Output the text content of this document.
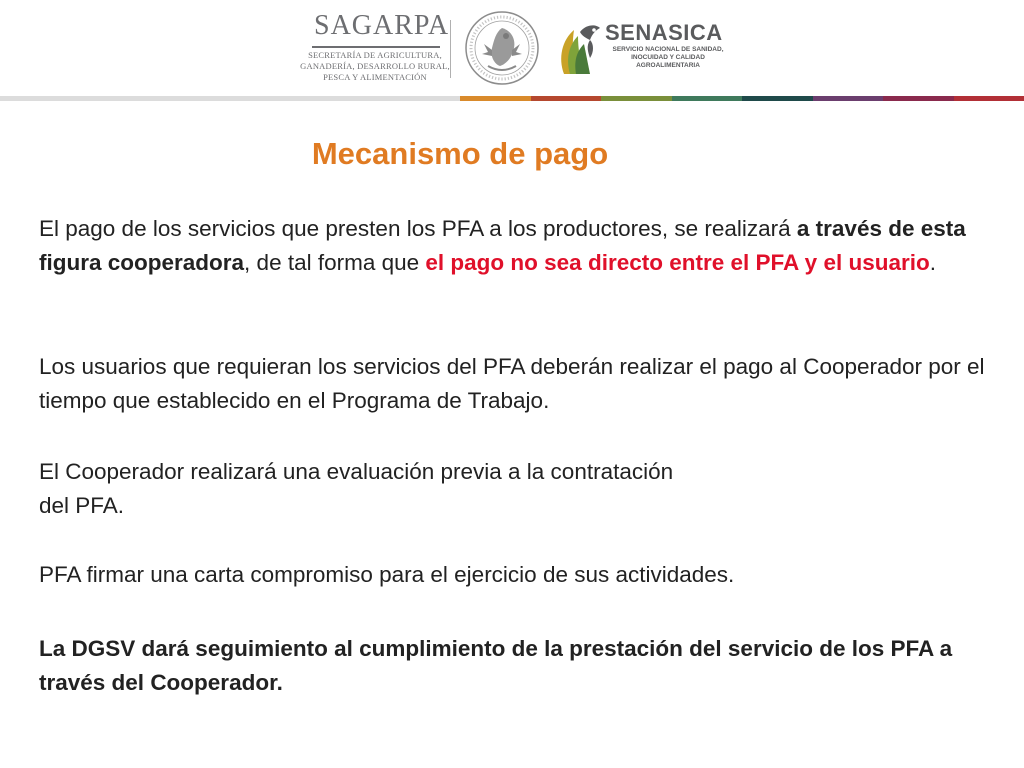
SAGARPA
SECRETARÍA DE AGRICULTURA,
GANADERÍA, DESARROLLO RURAL,
PESCA Y ALIMENTACIÓN
SENASICA
SERVICIO NACIONAL DE SANIDAD,
INOCUIDAD Y CALIDAD
AGROALIMENTARIA
Mecanismo de pago

El pago de los servicios que presten los PFA a los productores, se realizará a través de esta figura cooperadora, de tal forma que el pago no sea directo entre el PFA y el usuario.

Los usuarios que requieran los servicios del PFA deberán realizar el pago al Cooperador por el tiempo que establecido en el Programa de Trabajo.

El Cooperador realizará una evaluación previa a la contratación
del PFA.

PFA firmar una carta compromiso para el ejercicio de sus actividades.

La DGSV dará seguimiento al cumplimiento de la prestación del servicio de los PFA a través del Cooperador.
